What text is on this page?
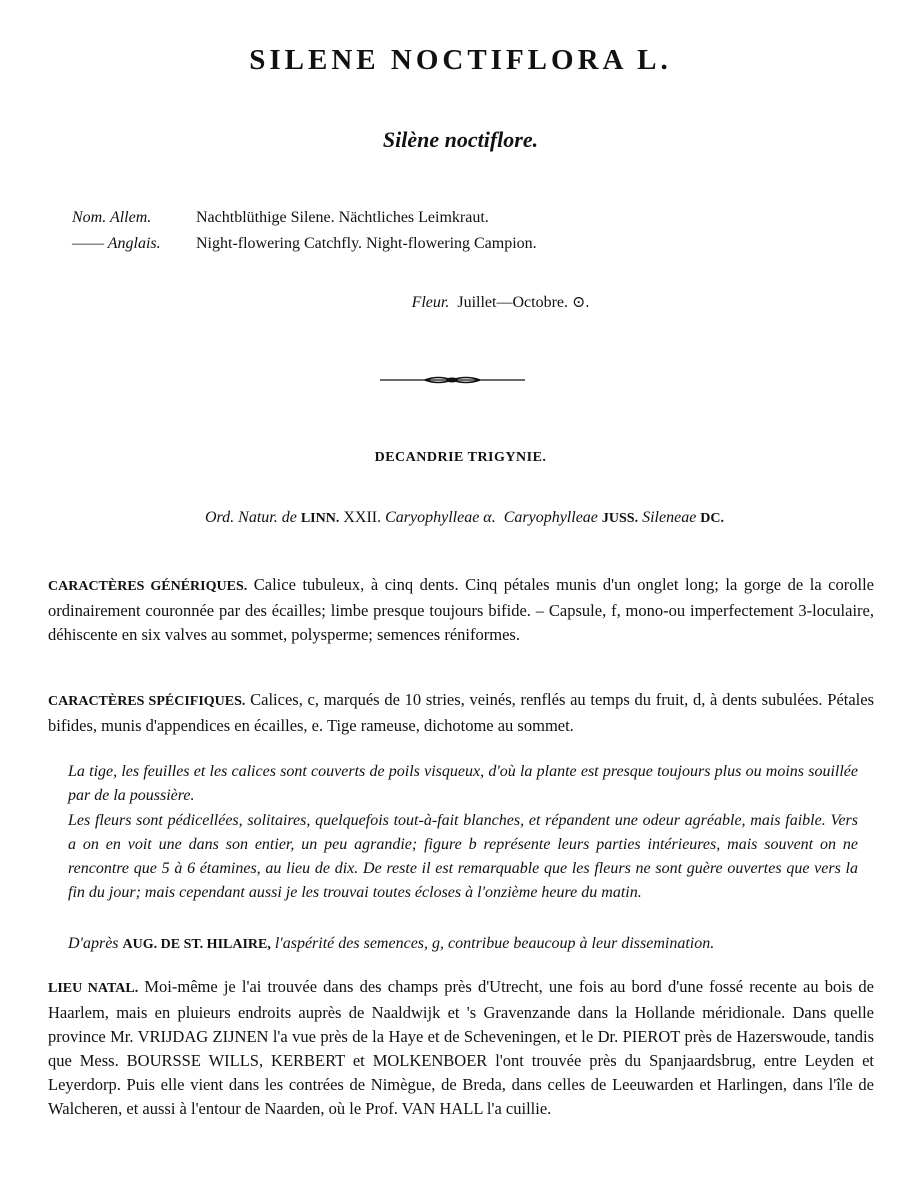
SILENE NOCTIFLORA L.
Silène noctiflore.
Nom. Allem.	Nachtblüthige Silene. Nächtliches Leimkraut.
—— Anglais. Night-flowering Catchfly. Night-flowering Campion.
Fleur. Juillet—Octobre. ⊙.
DECANDRIE TRIGYNIE.
Ord. Natur. de LINN. XXII. Caryophylleae α. Caryophylleae JUSS. Sileneae DC.
CARACTÈRES GÉNÉRIQUES. Calice tubuleux, à cinq dents. Cinq pétales munis d'un onglet long; la gorge de la corolle ordinairement couronnée par des écailles; limbe presque toujours bifide. – Capsule, f, mono-ou imperfectement 3-loculaire, déhiscente en six valves au sommet, polysperme; semences réniformes.
CARACTÈRES SPÉCIFIQUES. Calices, c, marqués de 10 stries, veinés, renflés au temps du fruit, d, à dents subulées. Pétales bifides, munis d'appendices en écailles, e. Tige rameuse, dichotome au sommet.
La tige, les feuilles et les calices sont couverts de poils visqueux, d'où la plante est presque toujours plus ou moins souillée par de la poussière.
Les fleurs sont pédicellées, solitaires, quelquefois tout-à-fait blanches, et répandent une odeur agréable, mais faible. Vers a on en voit une dans son entier, un peu agrandie; figure b représente leurs parties intérieures, mais souvent on ne rencontre que 5 à 6 étamines, au lieu de dix. De reste il est remarquable que les fleurs ne sont guère ouvertes que vers la fin du jour; mais cependant aussi je les trouvai toutes écloses à l'onzième heure du matin.
D'après AUG. DE ST. HILAIRE, l'aspérité des semences, g, contribue beaucoup à leur dissemination.
LIEU NATAL. Moi-même je l'ai trouvée dans des champs près d'Utrecht, une fois au bord d'une fossé recente au bois de Haarlem, mais en pluieurs endroits auprès de Naaldwijk et 's Gravenzande dans la Hollande méridionale. Dans quelle province Mr. VRIJDAG ZIJNEN l'a vue près de la Haye et de Scheveningen, et le Dr. PIEROT près de Hazerswoude, tandis que Mess. BOURSSE WILLS, KERBERT et MOLKENBOER l'ont trouvée près du Spanjaardsbrug, entre Leyden et Leyerdorp. Puis elle vient dans les contrées de Nimègue, de Breda, dans celles de Leeuwarden et Harlingen, dans l'île de Walcheren, et aussi à l'entour de Naarden, où le Prof. VAN HALL l'a cuillie.
